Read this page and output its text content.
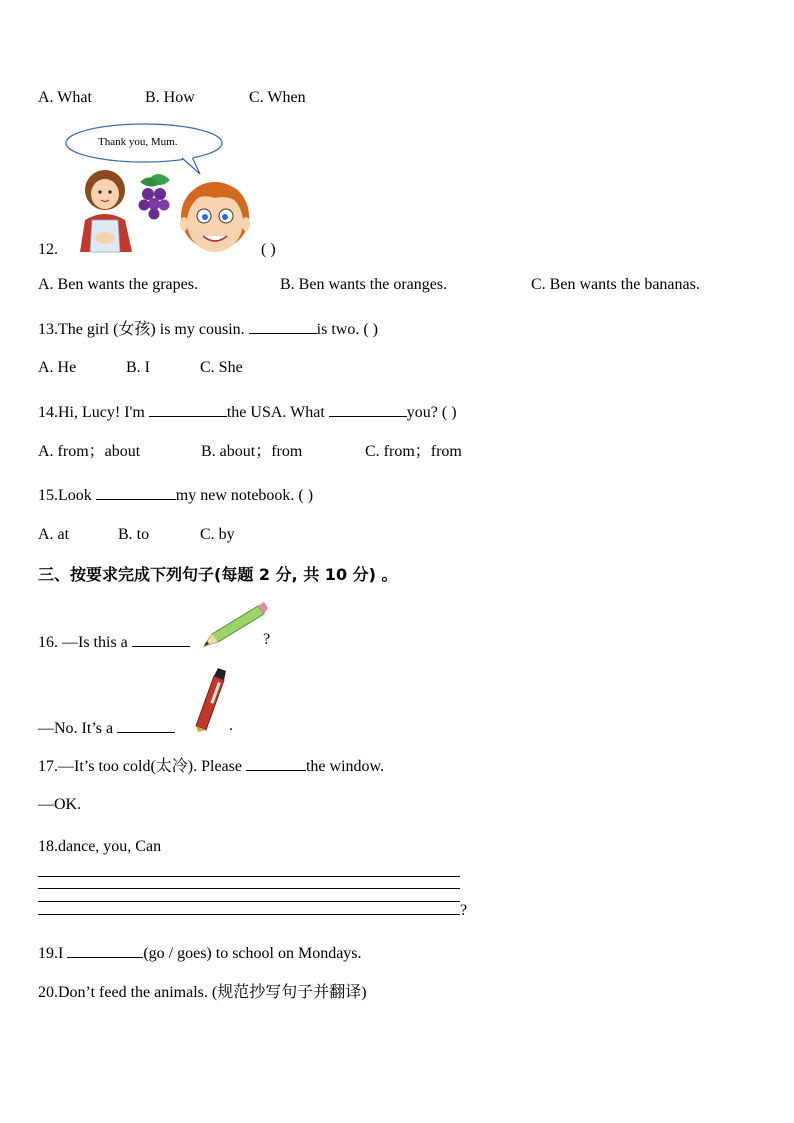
A. What	B. How	C. When
Thank you, Mum.
12.	( )
A. Ben wants the grapes.	B. Ben wants the oranges.	C. Ben wants the bananas.
13.The girl (女孩) is my cousin.	is two. ( )
A. He	B. I	C. She
14.Hi, Lucy! I'm	the USA. What	you? ( )
A. from；about	B. about；from	C. from；from
15.Look	my new notebook. ( )
A. at	B. to	C. by
三、按要求完成下列句子(每题 2 分, 共 10 分) 。
16. —Is this a	?
—No. It’s a	.
17.—It’s too cold(太冷). Please	the window.
—OK.
18.dance, you, Can
?
19.I	(go / goes) to school on Mondays.
20.Don’t feed the animals. (规范抄写句子并翻译)
